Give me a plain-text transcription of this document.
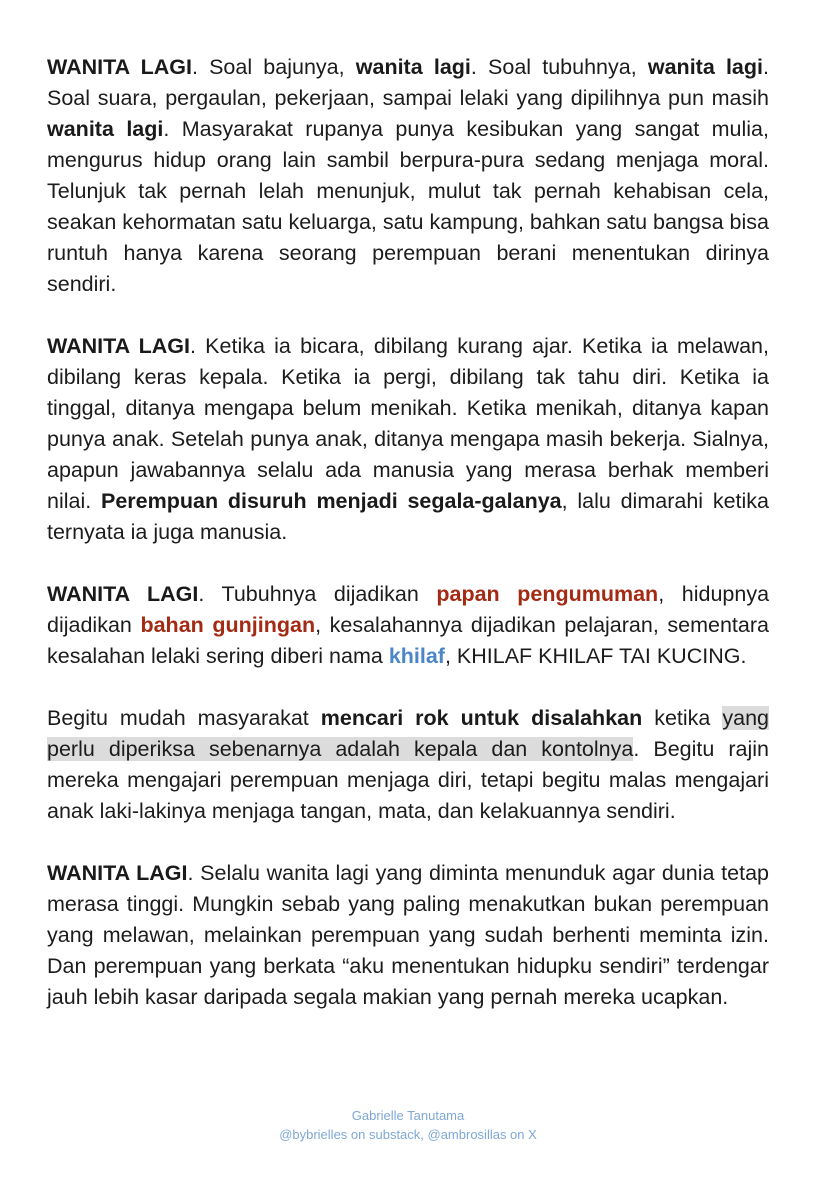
WANITA LAGI. Soal bajunya, wanita lagi. Soal tubuhnya, wanita lagi. Soal suara, pergaulan, pekerjaan, sampai lelaki yang dipilihnya pun masih wanita lagi. Masyarakat rupanya punya kesibukan yang sangat mulia, mengurus hidup orang lain sambil berpura-pura sedang menjaga moral. Telunjuk tak pernah lelah menunjuk, mulut tak pernah kehabisan cela, seakan kehormatan satu keluarga, satu kampung, bahkan satu bangsa bisa runtuh hanya karena seorang perempuan berani menentukan dirinya sendiri.

WANITA LAGI. Ketika ia bicara, dibilang kurang ajar. Ketika ia melawan, dibilang keras kepala. Ketika ia pergi, dibilang tak tahu diri. Ketika ia tinggal, ditanya mengapa belum menikah. Ketika menikah, ditanya kapan punya anak. Setelah punya anak, ditanya mengapa masih bekerja. Sialnya, apapun jawabannya selalu ada manusia yang merasa berhak memberi nilai. Perempuan disuruh menjadi segala-galanya, lalu dimarahi ketika ternyata ia juga manusia.

WANITA LAGI. Tubuhnya dijadikan papan pengumuman, hidupnya dijadikan bahan gunjingan, kesalahannya dijadikan pelajaran, sementara kesalahan lelaki sering diberi nama khilaf, KHILAF KHILAF TAI KUCING.

Begitu mudah masyarakat mencari rok untuk disalahkan ketika yang perlu diperiksa sebenarnya adalah kepala dan kontolnya. Begitu rajin mereka mengajari perempuan menjaga diri, tetapi begitu malas mengajari anak laki-lakinya menjaga tangan, mata, dan kelakuannya sendiri.

WANITA LAGI. Selalu wanita lagi yang diminta menunduk agar dunia tetap merasa tinggi. Mungkin sebab yang paling menakutkan bukan perempuan yang melawan, melainkan perempuan yang sudah berhenti meminta izin. Dan perempuan yang berkata “aku menentukan hidupku sendiri” terdengar jauh lebih kasar daripada segala makian yang pernah mereka ucapkan.

Gabrielle Tanutama
@bybrielles on substack, @ambrosillas on X
